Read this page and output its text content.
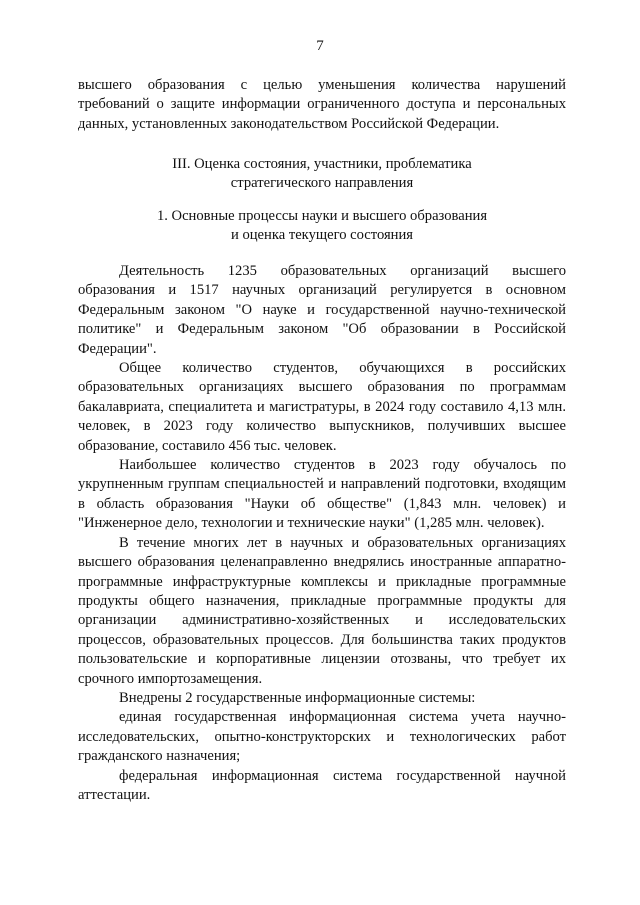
7

высшего образования с целью уменьшения количества нарушений требований о защите информации ограниченного доступа и персональных данных, установленных законодательством Российской Федерации.

III. Оценка состояния, участники, проблематика
стратегического направления
1. Основные процессы науки и высшего образования
и оценка текущего состояния

Деятельность 1235 образовательных организаций высшего образования и 1517 научных организаций регулируется в основном Федеральным законом "О науке и государственной научно-технической политике" и Федеральным законом "Об образовании в Российской Федерации".

Общее количество студентов, обучающихся в российских образовательных организациях высшего образования по программам бакалавриата, специалитета и магистратуры, в 2024 году составило 4,13 млн. человек, в 2023 году количество выпускников, получивших высшее образование, составило 456 тыс. человек.

Наибольшее количество студентов в 2023 году обучалось по укрупненным группам специальностей и направлений подготовки, входящим в область образования "Науки об обществе" (1,843 млн. человек) и "Инженерное дело, технологии и технические науки" (1,285 млн. человек).

В течение многих лет в научных и образовательных организациях высшего образования целенаправленно внедрялись иностранные аппаратно-программные инфраструктурные комплексы и прикладные программные продукты общего назначения, прикладные программные продукты для организации административно-хозяйственных и исследовательских процессов, образовательных процессов. Для большинства таких продуктов пользовательские и корпоративные лицензии отозваны, что требует их срочного импортозамещения.

Внедрены 2 государственные информационные системы:

единая государственная информационная система учета научно-исследовательских, опытно-конструкторских и технологических работ гражданского назначения;

федеральная информационная система государственной научной аттестации.
